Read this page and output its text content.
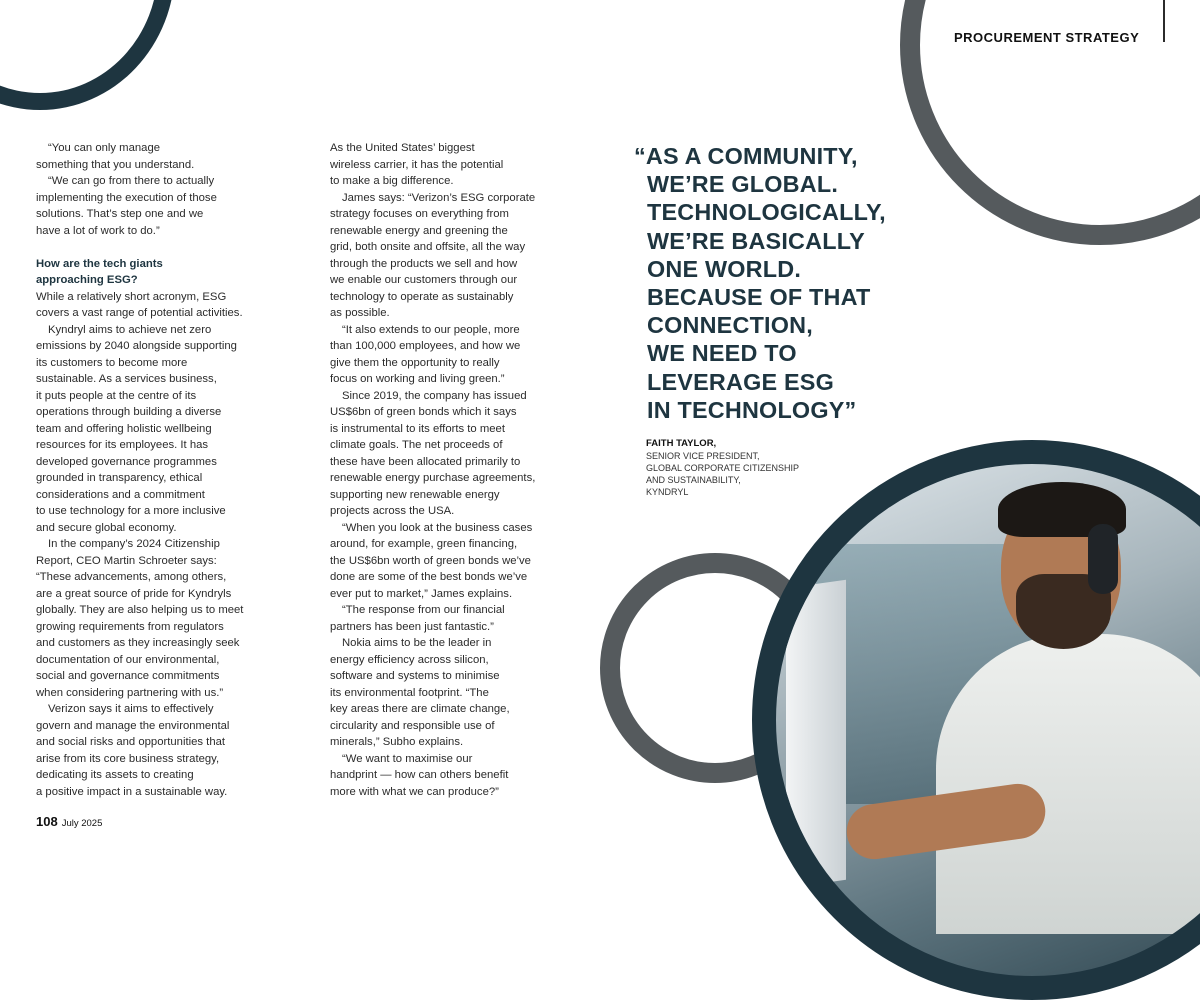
PROCUREMENT STRATEGY

“You can only manage

something that you understand.

“We can go from there to actually

implementing the execution of those

solutions. That’s step one and we

have a lot of work to do.”

How are the tech giants
approaching ESG?

While a relatively short acronym, ESG

covers a vast range of potential activities.

Kyndryl aims to achieve net zero

emissions by 2040 alongside supporting

its customers to become more

sustainable. As a services business,

it puts people at the centre of its

operations through building a diverse

team and offering holistic wellbeing

resources for its employees. It has

developed governance programmes

grounded in transparency, ethical

considerations and a commitment

to use technology for a more inclusive

and secure global economy.

In the company’s 2024 Citizenship

Report, CEO Martin Schroeter says:

“These advancements, among others,

are a great source of pride for Kyndryls

globally. They are also helping us to meet

growing requirements from regulators

and customers as they increasingly seek

documentation of our environmental,

social and governance commitments

when considering partnering with us.”

Verizon says it aims to effectively

govern and manage the environmental

and social risks and opportunities that

arise from its core business strategy,

dedicating its assets to creating

a positive impact in a sustainable way.

As the United States’ biggest

wireless carrier, it has the potential

to make a big difference.

James says: “Verizon’s ESG corporate

strategy focuses on everything from

renewable energy and greening the

grid, both onsite and offsite, all the way

through the products we sell and how

we enable our customers through our

technology to operate as sustainably

as possible.

“It also extends to our people, more

than 100,000 employees, and how we

give them the opportunity to really

focus on working and living green.”

Since 2019, the company has issued

US$6bn of green bonds which it says

is instrumental to its efforts to meet

climate goals. The net proceeds of

these have been allocated primarily to

renewable energy purchase agreements,

supporting new renewable energy

projects across the USA.

“When you look at the business cases

around, for example, green financing,

the US$6bn worth of green bonds we’ve

done are some of the best bonds we’ve

ever put to market,” James explains.

“The response from our financial

partners has been just fantastic.”

Nokia aims to be the leader in

energy efficiency across silicon,

software and systems to minimise

its environmental footprint. “The

key areas there are climate change,

circularity and responsible use of

minerals,” Subho explains.

“We want to maximise our

handprint — how can others benefit

more with what we can produce?”

“AS A COMMUNITY,
WE’RE GLOBAL.
TECHNOLOGICALLY,
WE’RE BASICALLY
ONE WORLD.
BECAUSE OF THAT
CONNECTION,
WE NEED TO
LEVERAGE ESG
IN TECHNOLOGY”
FAITH TAYLOR,
SENIOR VICE PRESIDENT,
GLOBAL CORPORATE CITIZENSHIP
AND SUSTAINABILITY,
KYNDRYL
108 July 2025
